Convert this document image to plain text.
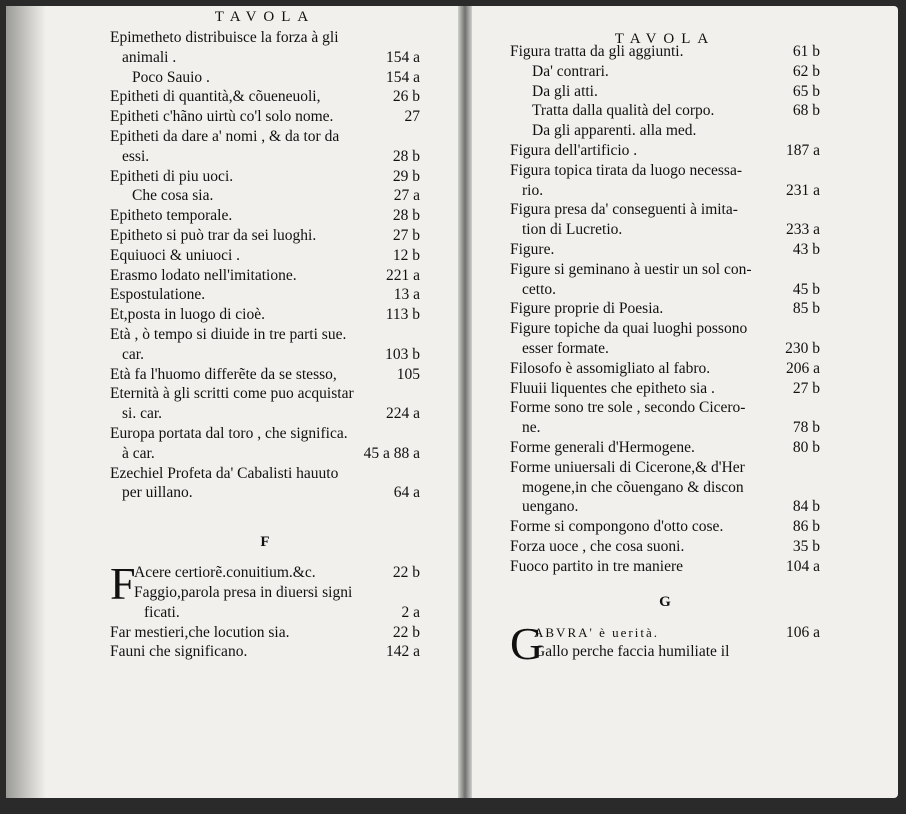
TAVOLA
Epimetheto distribuisce la forza à gli
animali .	154 a
Poco Sauio .	154 a
Epitheti di quantità,& cõueneuoli,	26 b
Epitheti c'hãno uirtù co'l solo nome.	27
Epitheti da dare a' nomi , & da tor da
essi.	28 b
Epitheti di piu uoci.	29 b
Che cosa sia.	27 a
Epitheto temporale.	28 b
Epitheto si può trar da sei luoghi.	27 b
Equiuoci & uniuoci .	12 b
Erasmo lodato nell'imitatione.	221 a
Espostulatione.	13 a
Et,posta in luogo di cioè.	113 b
Età , ò tempo si diuide in tre parti sue.
car.	103 b
Età fa l'huomo differẽte da se stesso,	105
Eternità à gli scritti come puo acquistar
si. car.	224 a
Europa portata dal toro , che significa.
à car.	45 a 88 a
Ezechiel Profeta da' Cabalisti hauuto
per uillano.	64 a
F
F
Acere certiorẽ.conuitium.&c.	22 b
Faggio,parola presa in diuersi signi
ficati.	2 a
Far mestieri,che locution sia.	22 b
Fauni che significano.	142 a
TAVOLA
Figura tratta da gli aggiunti.	61 b
Da' contrari.	62 b
Da gli atti.	65 b
Tratta dalla qualità del corpo.	68 b
Da gli apparenti. alla med.
Figura dell'artificio .	187 a
Figura topica tirata da luogo necessa-
rio.	231 a
Figura presa da' conseguenti à imita-
tion di Lucretio.	233 a
Figure.	43 b
Figure si geminano à uestir un sol con-
cetto.	45 b
Figure proprie di Poesia.	85 b
Figure topiche da quai luoghi possono
esser formate.	230 b
Filosofo è assomigliato al fabro.	206 a
Fluuii liquentes che epitheto sia .	27 b
Forme sono tre sole , secondo Cicero-
ne.	78 b
Forme generali d'Hermogene.	80 b
Forme uniuersali di Cicerone,& d'Her
mogene,in che cõuengano & discon
uengano.	84 b
Forme si compongono d'otto cose.	86 b
Forza uoce , che cosa suoni.	35 b
Fuoco partito in tre maniere	104 a
G
G
ABVRA' è uerità.	106 a
Gallo perche faccia humiliate il
